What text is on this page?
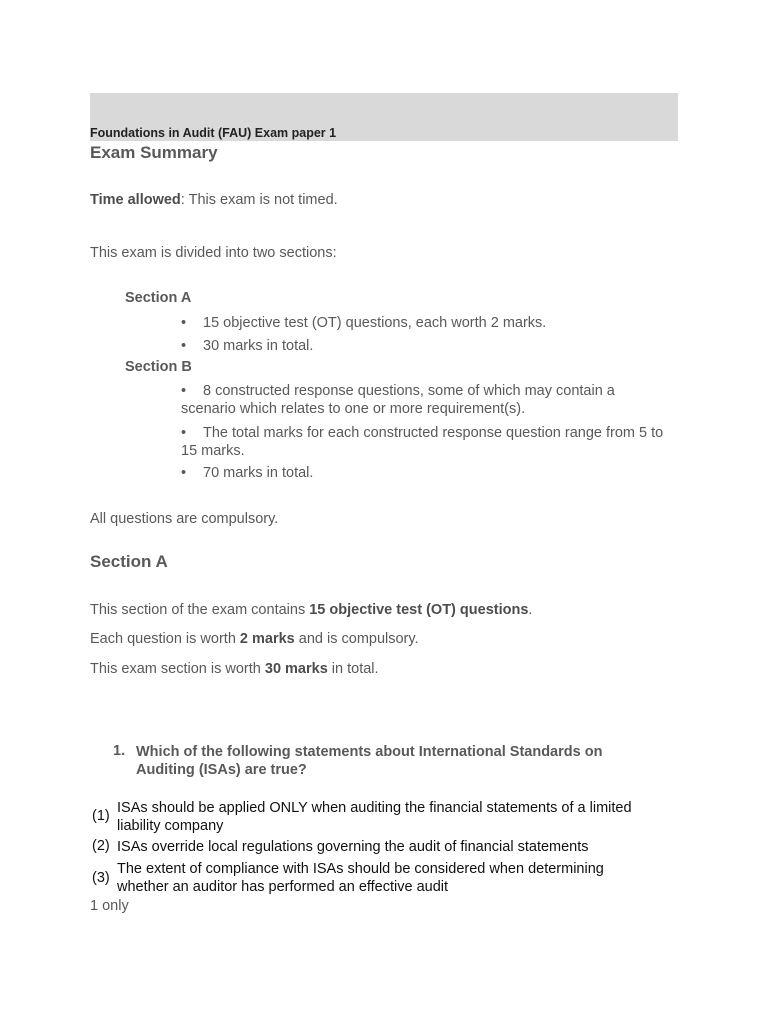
Foundations in Audit (FAU) Exam paper 1
Exam Summary
Time allowed: This exam is not timed.
This exam is divided into two sections:
Section A
• 15 objective test (OT) questions, each worth 2 marks.
• 30 marks in total.
Section B
• 8 constructed response questions, some of which may contain a scenario which relates to one or more requirement(s).
• The total marks for each constructed response question range from 5 to 15 marks.
• 70 marks in total.
All questions are compulsory.
Section A
This section of the exam contains 15 objective test (OT) questions.
Each question is worth 2 marks and is compulsory.
This exam section is worth 30 marks in total.
1. Which of the following statements about International Standards on Auditing (ISAs) are true?
(1) ISAs should be applied ONLY when auditing the financial statements of a limited liability company
(2) ISAs override local regulations governing the audit of financial statements
(3)
The extent of compliance with ISAs should be considered when determining whether an auditor has performed an effective audit
1 only
